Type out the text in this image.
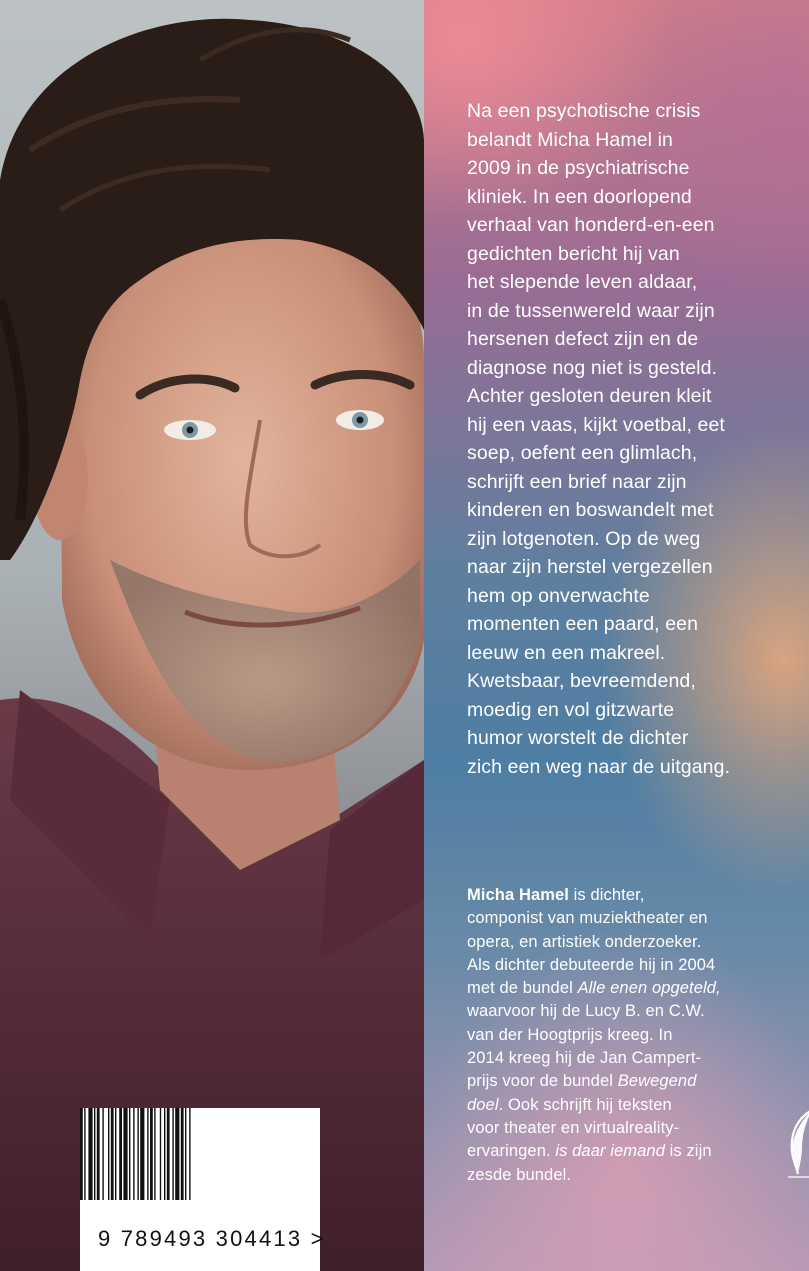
9 789493 304413 >
Na een psychotische crisis
belandt Micha Hamel in
2009 in de psychiatrische
kliniek. In een doorlopend
verhaal van honderd-en-een
gedichten bericht hij van
het slepende leven aldaar,
in de tussenwereld waar zijn
hersenen defect zijn en de
diagnose nog niet is gesteld.
Achter gesloten deuren kleit
hij een vaas, kijkt voetbal, eet
soep, oefent een glimlach,
schrijft een brief naar zijn
kinderen en boswandelt met
zijn lotgenoten. Op de weg
naar zijn herstel vergezellen
hem op onverwachte
momenten een paard, een
leeuw en een makreel.
Kwetsbaar, bevreemdend,
moedig en vol gitzwarte
humor worstelt de dichter
zich een weg naar de uitgang.
Micha Hamel is dichter,
componist van muziektheater en
opera, en artistiek onderzoeker.
Als dichter debuteerde hij in 2004
met de bundel Alle enen opgeteld,
waarvoor hij de Lucy B. en C.W.
van der Hoogtprijs kreeg. In
2014 kreeg hij de Jan Campert-
prijs voor de bundel Bewegend
doel. Ook schrijft hij teksten
voor theater en virtualreality-
ervaringen. is daar iemand is zijn
zesde bundel.
